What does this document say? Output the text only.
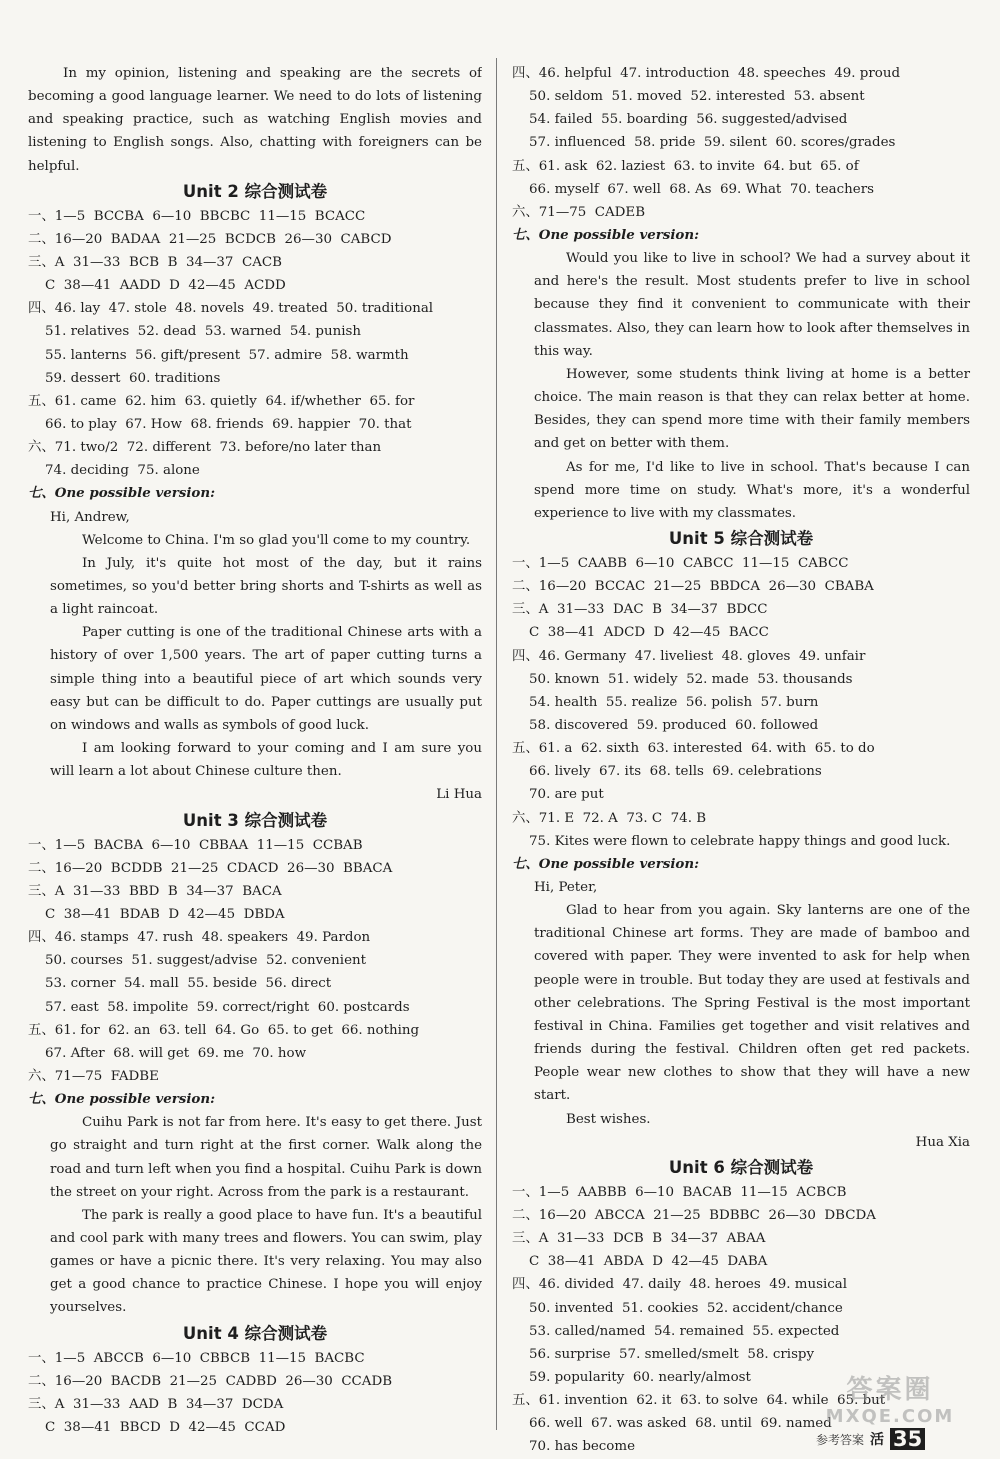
In my opinion, listening and speaking are the secrets of
becoming a good language learner. We need to do lots of listening
and speaking practice, such as watching English movies and
listening to English songs. Also, chatting with foreigners can be
helpful.

Unit 2 综合测试卷
一、1—5  BCCBA  6—10  BBCBC  11—15  BCACC
二、16—20  BADAA  21—25  BCDCB  26—30  CABCD
三、A  31—33  BCB  B  34—37  CACB
C  38—41  AADD  D  42—45  ACDD
四、46. lay  47. stole  48. novels  49. treated  50. traditional
51. relatives  52. dead  53. warned  54. punish
55. lanterns  56. gift/present  57. admire  58. warmth
59. dessert  60. traditions
五、61. came  62. him  63. quietly  64. if/whether  65. for
66. to play  67. How  68. friends  69. happier  70. that
六、71. two/2  72. different  73. before/no later than
74. deciding  75. alone
七、One possible version:
Hi, Andrew,

Welcome to China. I'm so glad you'll come to my country.

In July, it's quite hot most of the day, but it rains sometimes, so you'd better bring shorts and T-shirts as well as a light raincoat.

Paper cutting is one of the traditional Chinese arts with a history of over 1,500 years. The art of paper cutting turns a simple thing into a beautiful piece of art which sounds very easy but can be difficult to do. Paper cuttings are usually put on windows and walls as symbols of good luck.

I am looking forward to your coming and I am sure you will learn a lot about Chinese culture then.

Li Hua
Unit 3 综合测试卷
一、1—5  BACBA  6—10  CBBAA  11—15  CCBAB
二、16—20  BCDDB  21—25  CDACD  26—30  BBACA
三、A  31—33  BBD  B  34—37  BACA
C  38—41  BDAB  D  42—45  DBDA
四、46. stamps  47. rush  48. speakers  49. Pardon
50. courses  51. suggest/advise  52. convenient
53. corner  54. mall  55. beside  56. direct
57. east  58. impolite  59. correct/right  60. postcards
五、61. for  62. an  63. tell  64. Go  65. to get  66. nothing
67. After  68. will get  69. me  70. how
六、71—75  FADBE
七、One possible version:

Cuihu Park is not far from here. It's easy to get there. Just go straight and turn right at the first corner. Walk along the road and turn left when you find a hospital. Cuihu Park is down the street on your right. Across from the park is a restaurant.

The park is really a good place to have fun. It's a beautiful and cool park with many trees and flowers. You can swim, play games or have a picnic there. It's very relaxing. You may also get a good chance to practice Chinese. I hope you will enjoy yourselves.

Unit 4 综合测试卷
一、1—5  ABCCB  6—10  CBBCB  11—15  BACBC
二、16—20  BACDB  21—25  CADBD  26—30  CCADB
三、A  31—33  AAD  B  34—37  DCDA
C  38—41  BBCD  D  42—45  CCAD
四、46. helpful  47. introduction  48. speeches  49. proud
50. seldom  51. moved  52. interested  53. absent
54. failed  55. boarding  56. suggested/advised
57. influenced  58. pride  59. silent  60. scores/grades
五、61. ask  62. laziest  63. to invite  64. but  65. of
66. myself  67. well  68. As  69. What  70. teachers
六、71—75  CADEB
七、One possible version:

Would you like to live in school? We had a survey about it and here's the result. Most students prefer to live in school because they find it convenient to communicate with their classmates. Also, they can learn how to look after themselves in this way.

However, some students think living at home is a better choice. The main reason is that they can relax better at home. Besides, they can spend more time with their family members and get on better with them.

As for me, I'd like to live in school. That's because I can spend more time on study. What's more, it's a wonderful experience to live with my classmates.

Unit 5 综合测试卷
一、1—5  CAABB  6—10  CABCC  11—15  CABCC
二、16—20  BCCAC  21—25  BBDCA  26—30  CBABA
三、A  31—33  DAC  B  34—37  BDCC
C  38—41  ADCD  D  42—45  BACC
四、46. Germany  47. liveliest  48. gloves  49. unfair
50. known  51. widely  52. made  53. thousands
54. health  55. realize  56. polish  57. burn
58. discovered  59. produced  60. followed
五、61. a  62. sixth  63. interested  64. with  65. to do
66. lively  67. its  68. tells  69. celebrations
70. are put
六、71. E  72. A  73. C  74. B
75. Kites were flown to celebrate happy things and good luck.
七、One possible version:
Hi, Peter,

Glad to hear from you again. Sky lanterns are one of the traditional Chinese art forms. They are made of bamboo and covered with paper. They were invented to ask for help when people were in trouble. But today they are used at festivals and other celebrations. The Spring Festival is the most important festival in China. Families get together and visit relatives and friends during the festival. Children often get red packets. People wear new clothes to show that they will have a new start.

Best wishes.

Hua Xia
Unit 6 综合测试卷
一、1—5  AABBB  6—10  BACAB  11—15  ACBCB
二、16—20  ABCCA  21—25  BDBBC  26—30  DBCDA
三、A  31—33  DCB  B  34—37  ABAA
C  38—41  ABDA  D  42—45  DABA
四、46. divided  47. daily  48. heroes  49. musical
50. invented  51. cookies  52. accident/chance
53. called/named  54. remained  55. expected
56. surprise  57. smelled/smelt  58. crispy
59. popularity  60. nearly/almost
五、61. invention  62. it  63. to solve  64. while  65. but
66. well  67. was asked  68. until  69. named
70. has become
答案圈
MXQE.COM
参考答案 活 35
